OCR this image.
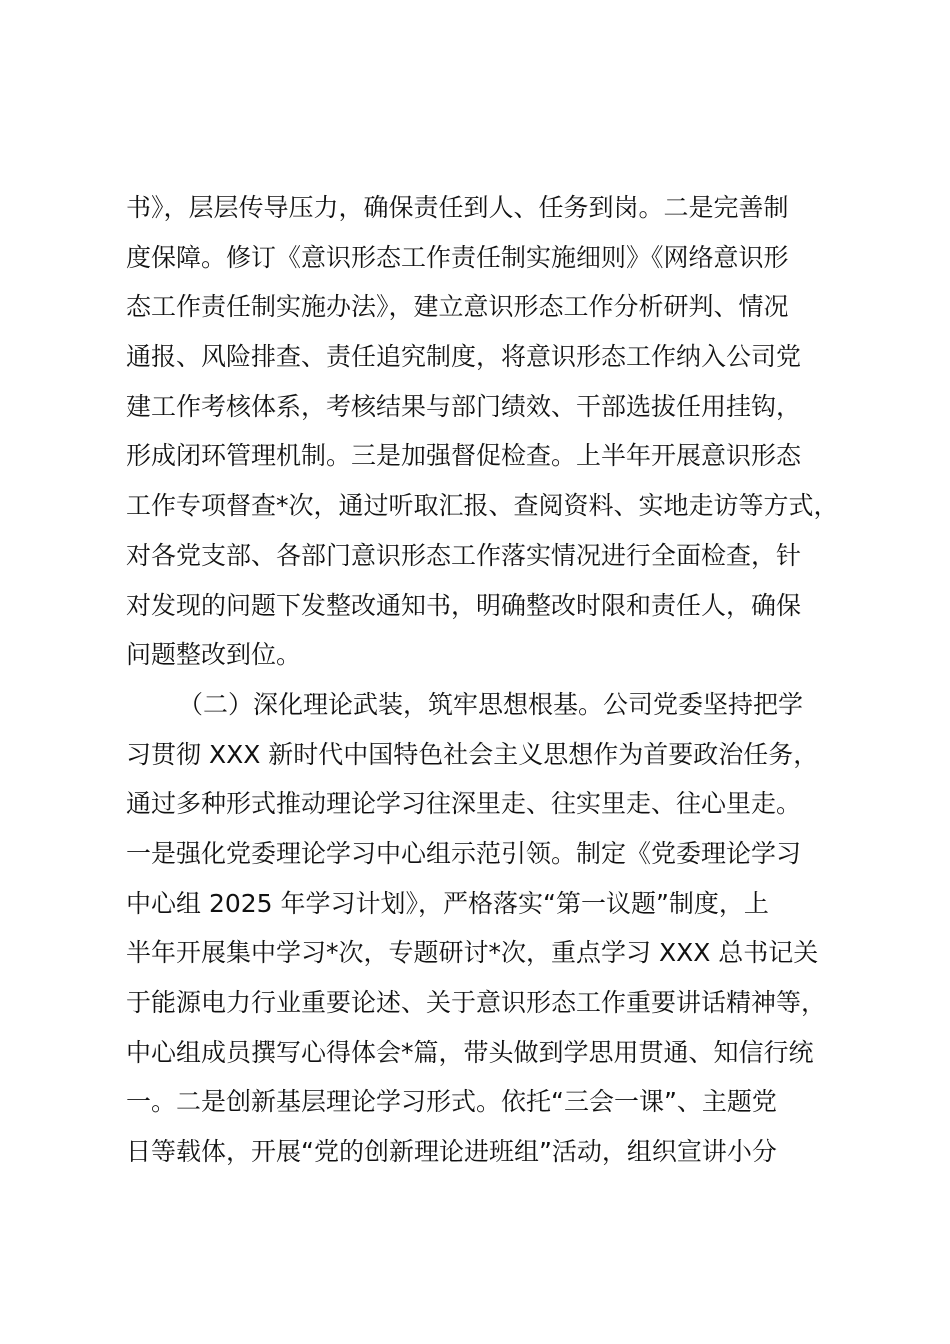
书》，层层传导压力，确保责任到人、任务到岗。二是完善制
度保障。修订《意识形态工作责任制实施细则》《网络意识形
态工作责任制实施办法》，建立意识形态工作分析研判、情况
通报、风险排查、责任追究制度，将意识形态工作纳入公司党
建工作考核体系，考核结果与部门绩效、干部选拔任用挂钩，
形成闭环管理机制。三是加强督促检查。上半年开展意识形态
工作专项督查*次，通过听取汇报、查阅资料、实地走访等方式，
对各党支部、各部门意识形态工作落实情况进行全面检查，针
对发现的问题下发整改通知书，明确整改时限和责任人，确保
问题整改到位。
（二）深化理论武装，筑牢思想根基。公司党委坚持把学
习贯彻 XXX 新时代中国特色社会主义思想作为首要政治任务，
通过多种形式推动理论学习往深里走、往实里走、往心里走。
一是强化党委理论学习中心组示范引领。制定《党委理论学习
中心组 2025 年学习计划》，严格落实“第一议题”制度，上
半年开展集中学习*次，专题研讨*次，重点学习 XXX 总书记关
于能源电力行业重要论述、关于意识形态工作重要讲话精神等，
中心组成员撰写心得体会*篇，带头做到学思用贯通、知信行统
一。二是创新基层理论学习形式。依托“三会一课”、主题党
日等载体，开展“党的创新理论进班组”活动，组织宣讲小分
